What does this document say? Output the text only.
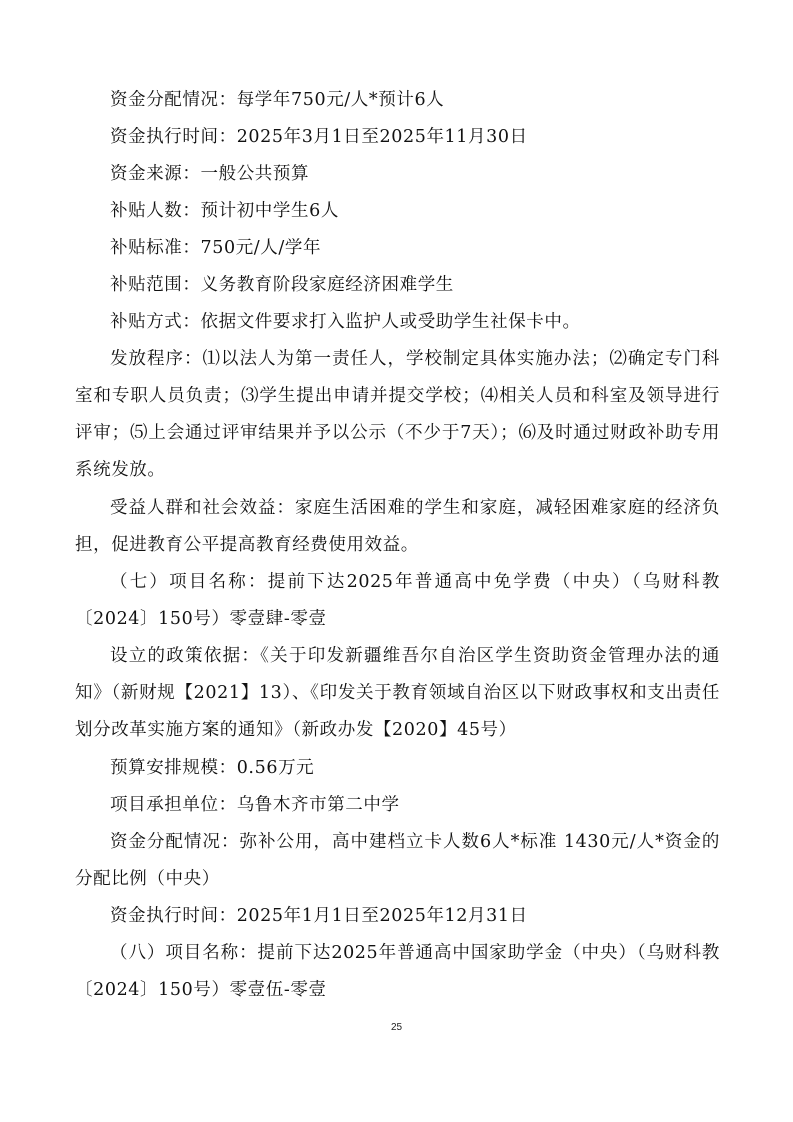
资金分配情况：每学年750元/人*预计6人

资金执行时间：2025年3月1日至2025年11月30日

资金来源：一般公共预算

补贴人数：预计初中学生6人

补贴标准：750元/人/学年

补贴范围：义务教育阶段家庭经济困难学生

补贴方式：依据文件要求打入监护人或受助学生社保卡中。

发放程序：⑴以法人为第一责任人，学校制定具体实施办法；⑵确定专门科室和专职人员负责；⑶学生提出申请并提交学校；⑷相关人员和科室及领导进行评审；⑸上会通过评审结果并予以公示（不少于7天）；⑹及时通过财政补助专用系统发放。

受益人群和社会效益：家庭生活困难的学生和家庭，减轻困难家庭的经济负担，促进教育公平提高教育经费使用效益。

（七）项目名称：提前下达2025年普通高中免学费（中央）（乌财科教〔2024〕150号）零壹肆-零壹

设立的政策依据：《关于印发新疆维吾尔自治区学生资助资金管理办法的通知》（新财规【2021】13）、《印发关于教育领域自治区以下财政事权和支出责任划分改革实施方案的通知》（新政办发【2020】45号）

预算安排规模：0.56万元

项目承担单位：乌鲁木齐市第二中学

资金分配情况：弥补公用，高中建档立卡人数6人*标准 1430元/人*资金的分配比例（中央）

资金执行时间：2025年1月1日至2025年12月31日

（八）项目名称：提前下达2025年普通高中国家助学金（中央）（乌财科教〔2024〕150号）零壹伍-零壹

25
